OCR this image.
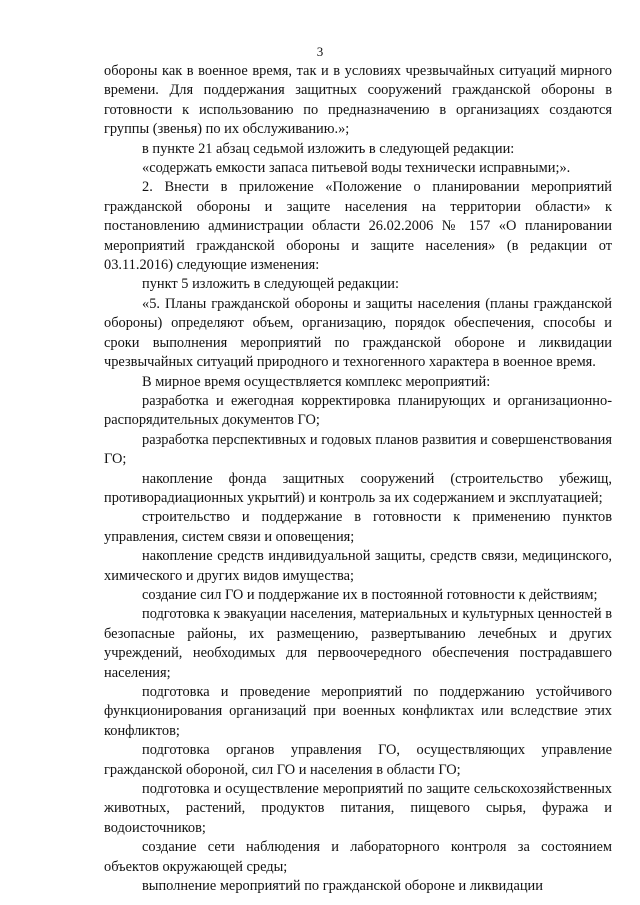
3

обороны как в военное время, так и в условиях чрезвычайных ситуаций мирного времени. Для поддержания защитных сооружений гражданской обороны в готовности к использованию по предназначению в организациях создаются группы (звенья) по их обслуживанию.»;

в пункте 21 абзац седьмой изложить в следующей редакции:

«содержать емкости запаса питьевой воды технически исправными;».

2. Внести в приложение «Положение о планировании мероприятий гражданской обороны и защите населения на территории области» к постановлению администрации области 26.02.2006 № 157 «О планировании мероприятий гражданской обороны и защите населения» (в редакции от 03.11.2016) следующие изменения:

пункт 5 изложить в следующей редакции:

«5. Планы гражданской обороны и защиты населения (планы гражданской обороны) определяют объем, организацию, порядок обеспечения, способы и сроки выполнения мероприятий по гражданской обороне и ликвидации чрезвычайных ситуаций природного и техногенного характера в военное время.

В мирное время осуществляется комплекс мероприятий:

разработка и ежегодная корректировка планирующих и организационно-распорядительных документов ГО;

разработка перспективных и годовых планов развития и совершенствования ГО;

накопление фонда защитных сооружений (строительство убежищ, противорадиационных укрытий) и контроль за их содержанием и эксплуатацией;

строительство и поддержание в готовности к применению пунктов управления, систем связи и оповещения;

накопление средств индивидуальной защиты, средств связи, медицинского, химического и других видов имущества;

создание сил ГО и поддержание их в постоянной готовности к действиям;

подготовка к эвакуации населения, материальных и культурных ценностей в безопасные районы, их размещению, развертыванию лечебных и других учреждений, необходимых для первоочередного обеспечения пострадавшего населения;

подготовка и проведение мероприятий по поддержанию устойчивого функционирования организаций при военных конфликтах или вследствие этих конфликтов;

подготовка органов управления ГО, осуществляющих управление гражданской обороной, сил ГО и населения в области ГО;

подготовка и осуществление мероприятий по защите сельскохозяйственных животных, растений, продуктов питания, пищевого сырья, фуража и водоисточников;

создание сети наблюдения и лабораторного контроля за состоянием объектов окружающей среды;

выполнение мероприятий по гражданской обороне и ликвидации
